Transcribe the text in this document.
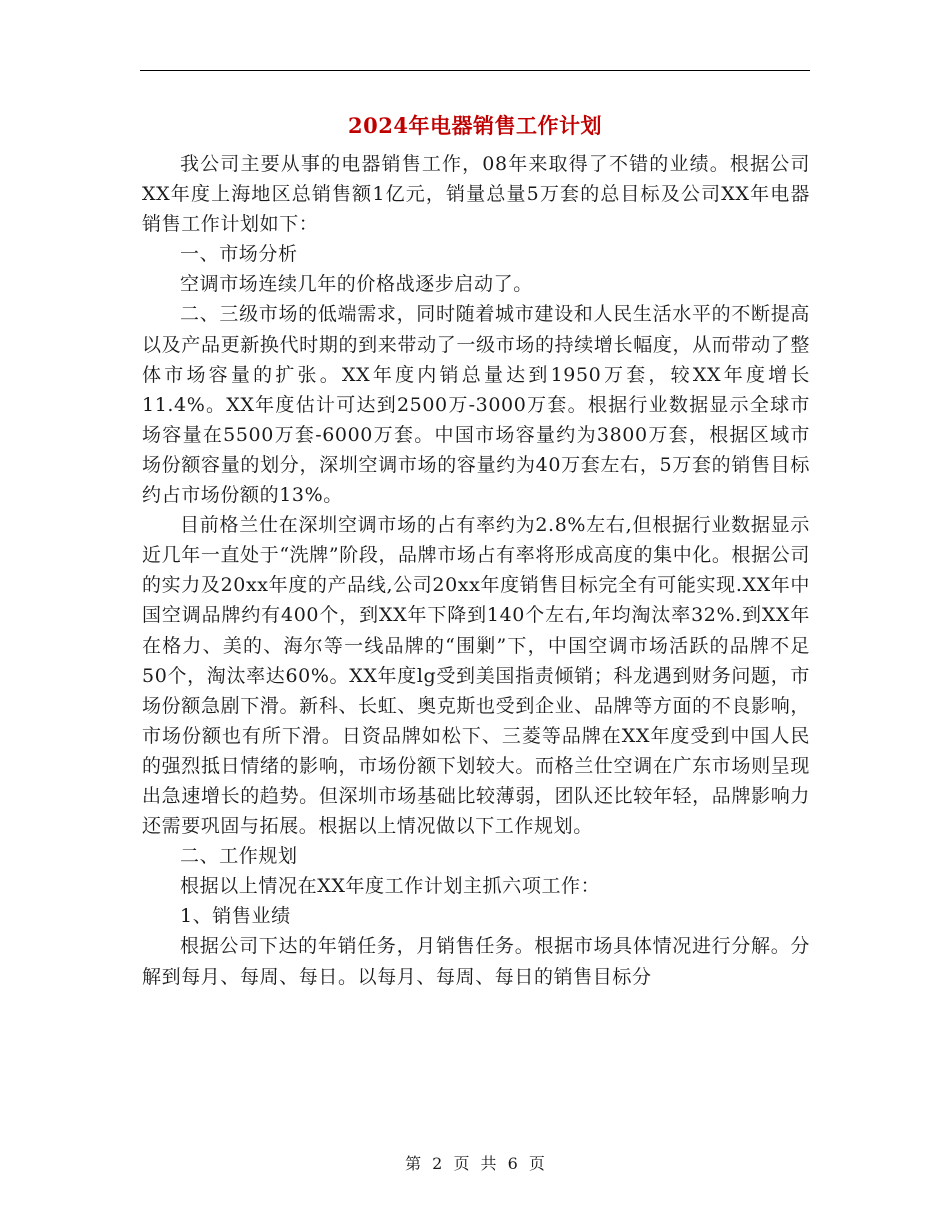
2024年电器销售工作计划

我公司主要从事的电器销售工作，08年来取得了不错的业绩。根据公司XX年度上海地区总销售额1亿元，销量总量5万套的总目标及公司XX年电器销售工作计划如下：

一、市场分析

空调市场连续几年的价格战逐步启动了。

二、三级市场的低端需求，同时随着城市建设和人民生活水平的不断提高以及产品更新换代时期的到来带动了一级市场的持续增长幅度，从而带动了整体市场容量的扩张。XX年度内销总量达到1950万套，较XX年度增长11.4%。XX年度估计可达到2500万-3000万套。根据行业数据显示全球市场容量在5500万套-6000万套。中国市场容量约为3800万套，根据区域市场份额容量的划分，深圳空调市场的容量约为40万套左右，5万套的销售目标约占市场份额的13%。

目前格兰仕在深圳空调市场的占有率约为2.8%左右,但根据行业数据显示近几年一直处于“洗牌”阶段，品牌市场占有率将形成高度的集中化。根据公司的实力及20xx年度的产品线,公司20xx年度销售目标完全有可能实现.XX年中国空调品牌约有400个，到XX年下降到140个左右,年均淘汰率32%.到XX年在格力、美的、海尔等一线品牌的“围剿”下，中国空调市场活跃的品牌不足50个，淘汰率达60%。XX年度lg受到美国指责倾销；科龙遇到财务问题，市场份额急剧下滑。新科、长虹、奥克斯也受到企业、品牌等方面的不良影响，市场份额也有所下滑。日资品牌如松下、三菱等品牌在XX年度受到中国人民的强烈抵日情绪的影响，市场份额下划较大。而格兰仕空调在广东市场则呈现出急速增长的趋势。但深圳市场基础比较薄弱，团队还比较年轻，品牌影响力还需要巩固与拓展。根据以上情况做以下工作规划。

二、工作规划

根据以上情况在XX年度工作计划主抓六项工作：

1、销售业绩

根据公司下达的年销任务，月销售任务。根据市场具体情况进行分解。分解到每月、每周、每日。以每月、每周、每日的销售目标分

第 2 页 共 6 页
